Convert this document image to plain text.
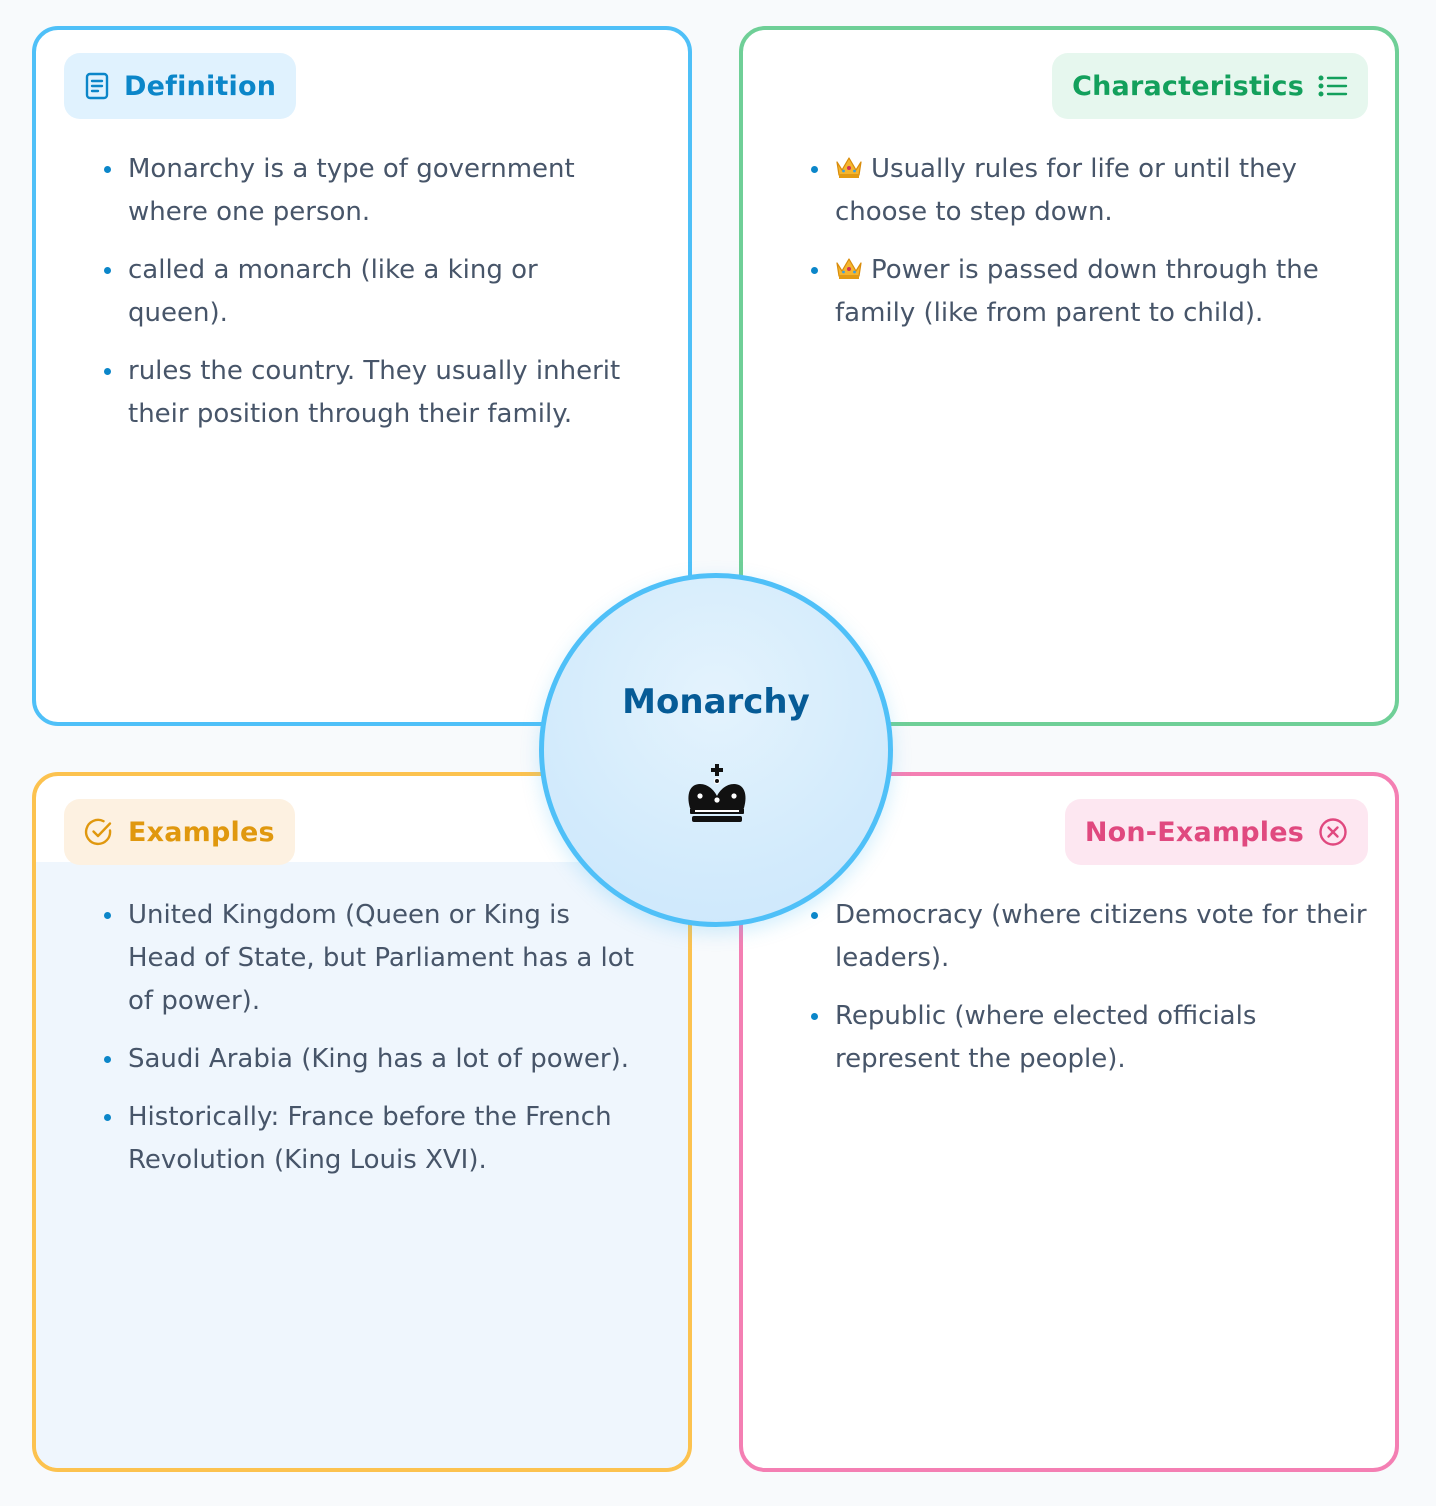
Definition
Monarchy is a type of government where one person.
called a monarch (like a king or queen).
rules the country. They usually inherit their position through their family.
Characteristics
Usually rules for life or until they choose to step down.
Power is passed down through the family (like from parent to child).
Examples
United Kingdom (Queen or King is Head of State, but Parliament has a lot of power).
Saudi Arabia (King has a lot of power).
Historically: France before the French Revolution (King Louis XVI).
Non-Examples
Democracy (where citizens vote for their leaders).
Republic (where elected officials represent the people).
Monarchy
